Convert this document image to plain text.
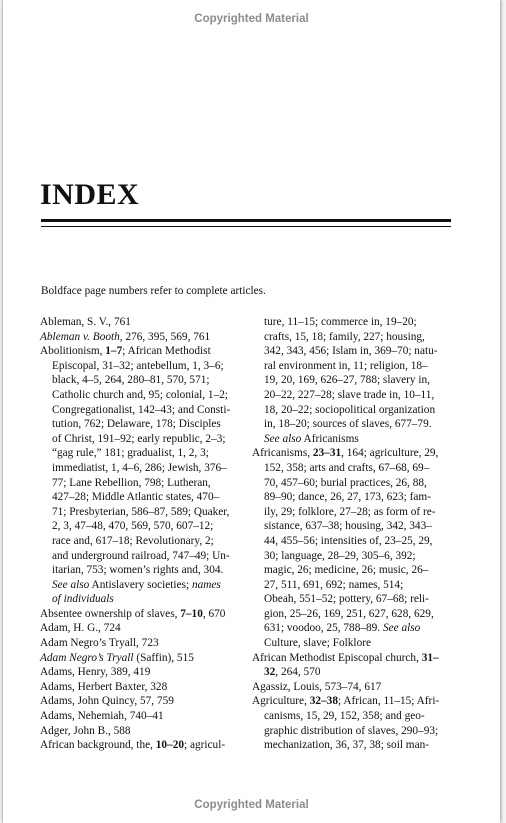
Copyrighted Material
INDEX
Boldface page numbers refer to complete articles.
Ableman, S. V., 761
Ableman v. Booth, 276, 395, 569, 761
Abolitionism, 1–7; African Methodist
Episcopal, 31–32; antebellum, 1, 3–6;
black, 4–5, 264, 280–81, 570, 571;
Catholic church and, 95; colonial, 1–2;
Congregationalist, 142–43; and Consti-
tution, 762; Delaware, 178; Disciples
of Christ, 191–92; early republic, 2–3;
“gag rule,” 181; gradualist, 1, 2, 3;
immediatist, 1, 4–6, 286; Jewish, 376–
77; Lane Rebellion, 798; Lutheran,
427–28; Middle Atlantic states, 470–
71; Presbyterian, 586–87, 589; Quaker,
2, 3, 47–48, 470, 569, 570, 607–12;
race and, 617–18; Revolutionary, 2;
and underground railroad, 747–49; Un-
itarian, 753; women’s rights and, 304.
See also Antislavery societies; names
of individuals
Absentee ownership of slaves, 7–10, 670
Adam, H. G., 724
Adam Negro’s Tryall, 723
Adam Negro’s Tryall (Saffin), 515
Adams, Henry, 389, 419
Adams, Herbert Baxter, 328
Adams, John Quincy, 57, 759
Adams, Nehemiah, 740–41
Adger, John B., 588
African background, the, 10–20; agricul-
ture, 11–15; commerce in, 19–20;
crafts, 15, 18; family, 227; housing,
342, 343, 456; Islam in, 369–70; natu-
ral environment in, 11; religion, 18–
19, 20, 169, 626–27, 788; slavery in,
20–22, 227–28; slave trade in, 10–11,
18, 20–22; sociopolitical organization
in, 18–20; sources of slaves, 677–79.
See also Africanisms
Africanisms, 23–31, 164; agriculture, 29,
152, 358; arts and crafts, 67–68, 69–
70, 457–60; burial practices, 26, 88,
89–90; dance, 26, 27, 173, 623; fam-
ily, 29; folklore, 27–28; as form of re-
sistance, 637–38; housing, 342, 343–
44, 455–56; intensities of, 23–25, 29,
30; language, 28–29, 305–6, 392;
magic, 26; medicine, 26; music, 26–
27, 511, 691, 692; names, 514;
Obeah, 551–52; pottery, 67–68; reli-
gion, 25–26, 169, 251, 627, 628, 629,
631; voodoo, 25, 788–89. See also
Culture, slave; Folklore
African Methodist Episcopal church, 31–
32, 264, 570
Agassiz, Louis, 573–74, 617
Agriculture, 32–38; African, 11–15; Afri-
canisms, 15, 29, 152, 358; and geo-
graphic distribution of slaves, 290–93;
mechanization, 36, 37, 38; soil man-
Copyrighted Material
